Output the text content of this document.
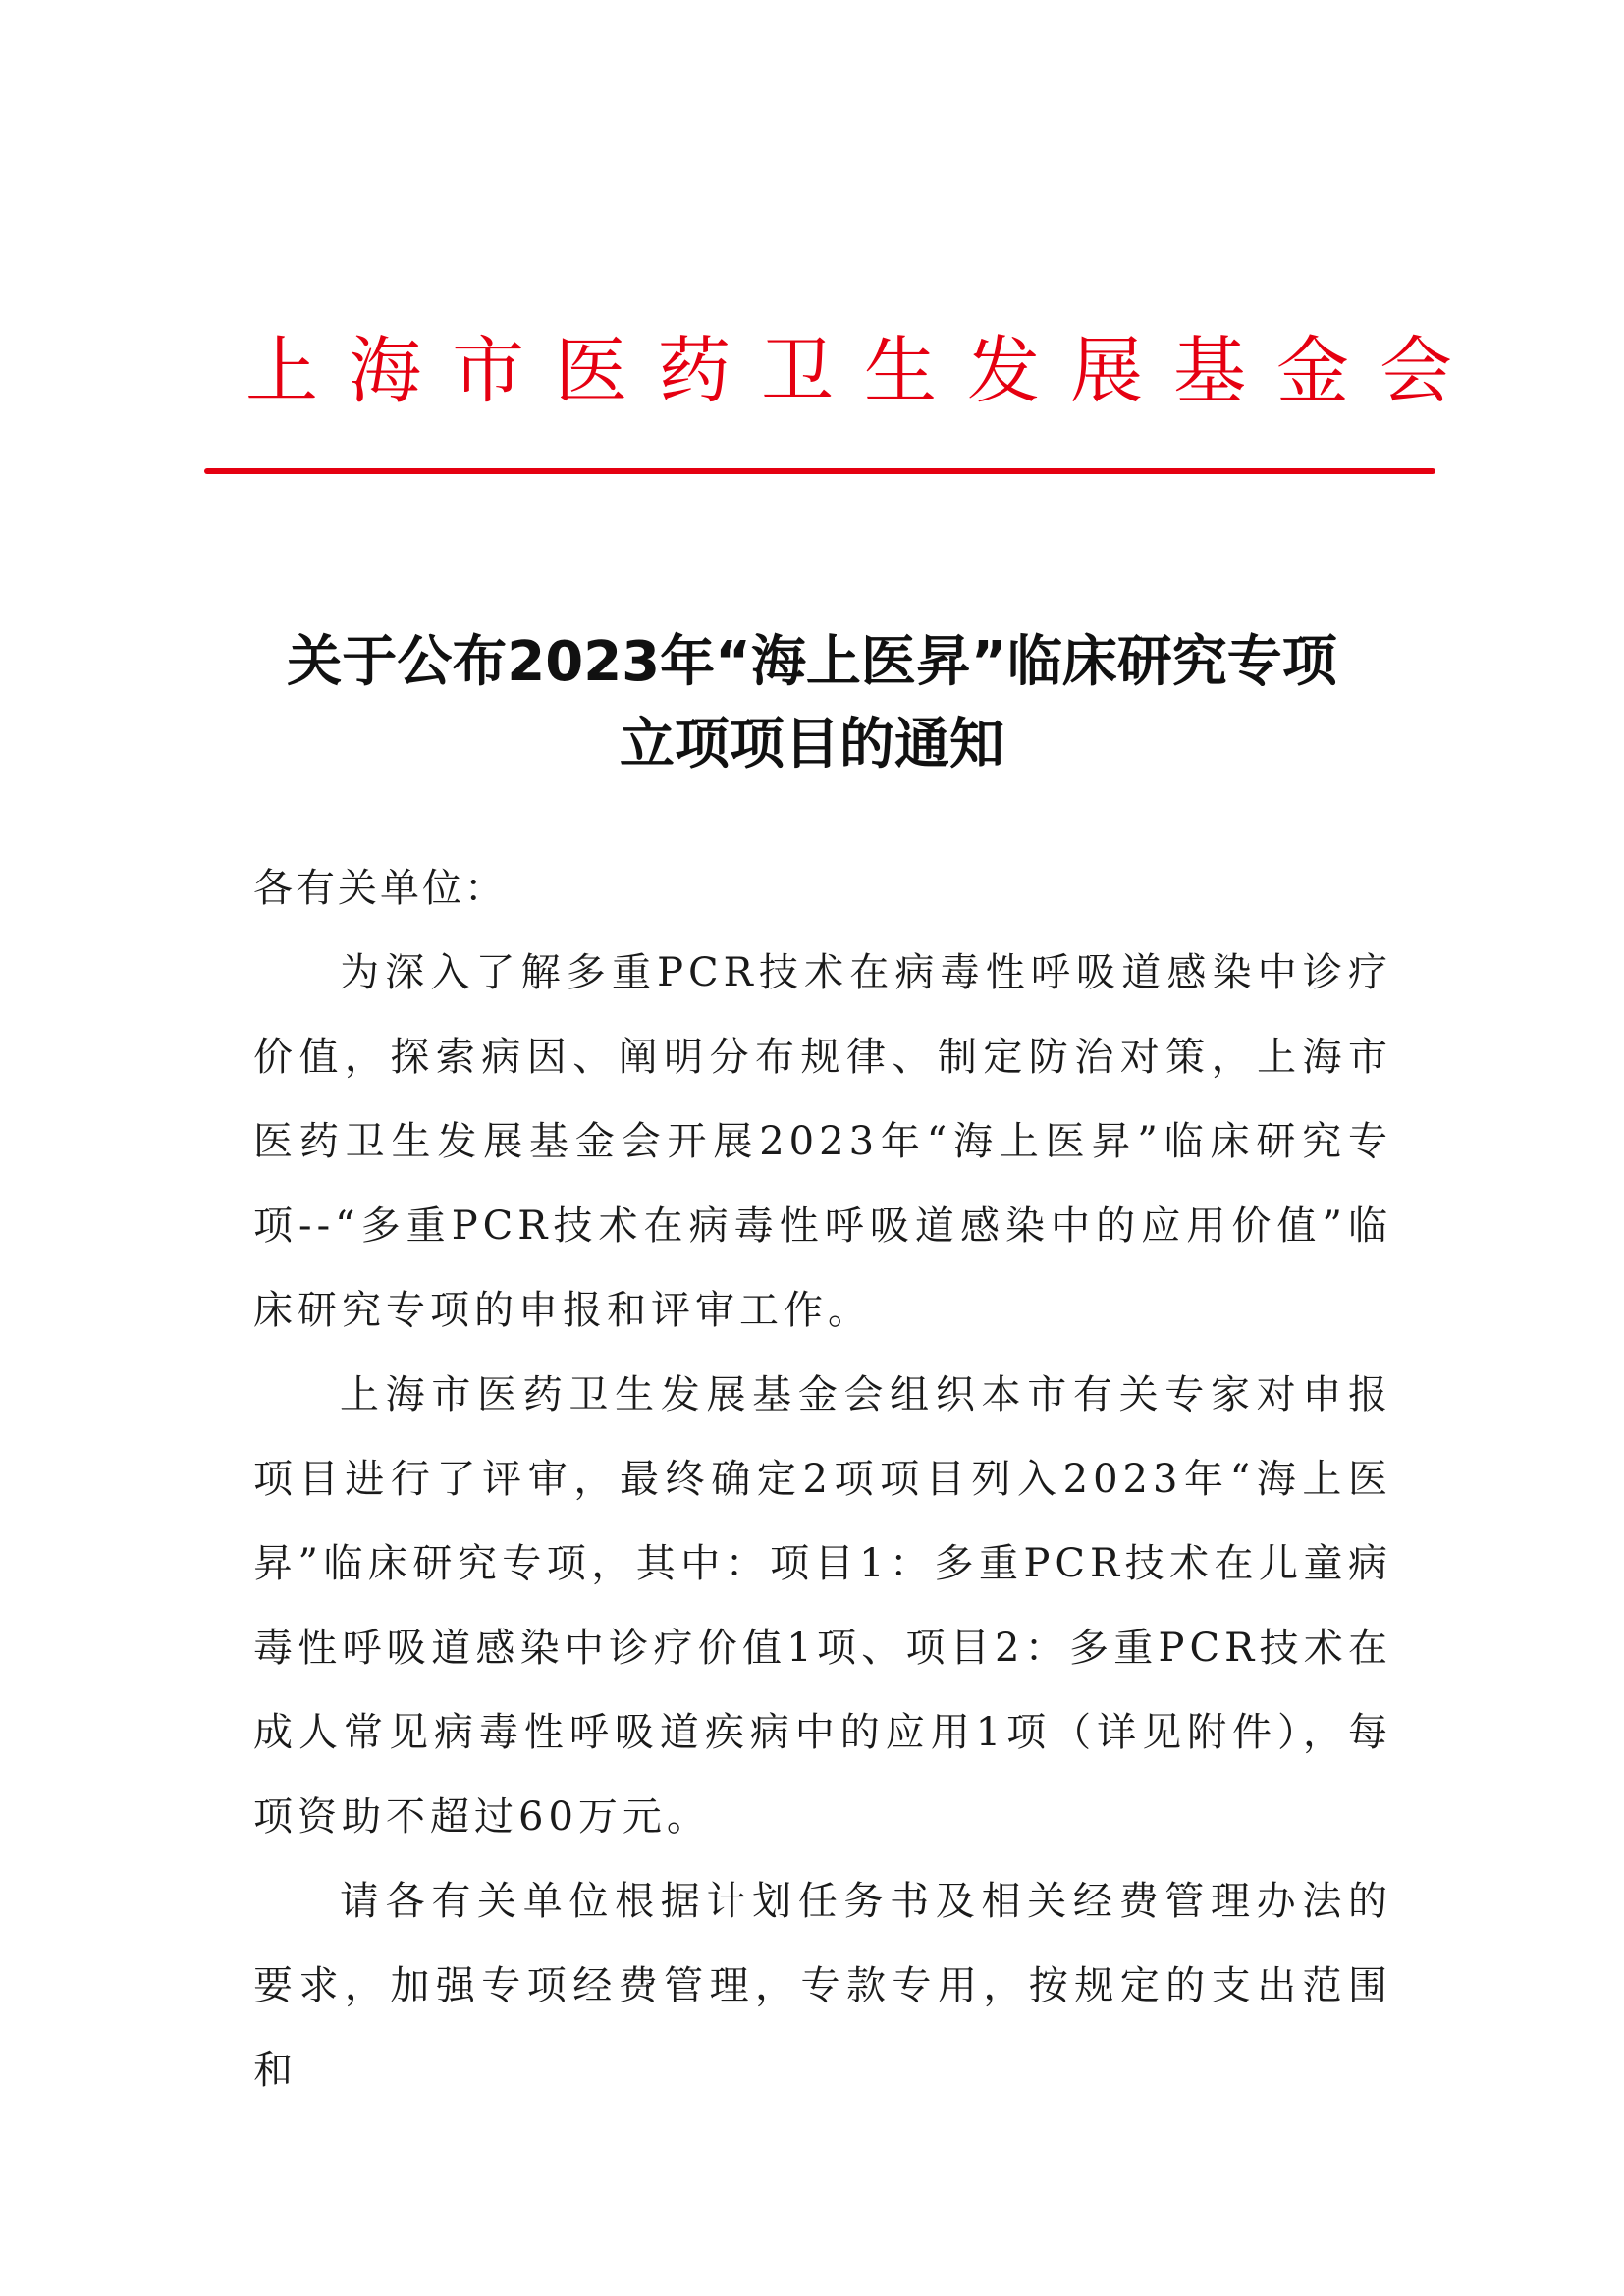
上海市医药卫生发展基金会
关于公布2023年“海上医昇”临床研究专项
立项项目的通知

各有关单位：

为深入了解多重PCR技术在病毒性呼吸道感染中诊疗价值，探索病因、阐明分布规律、制定防治对策，上海市医药卫生发展基金会开展2023年“海上医昇”临床研究专项--“多重PCR技术在病毒性呼吸道感染中的应用价值”临床研究专项的申报和评审工作。

上海市医药卫生发展基金会组织本市有关专家对申报项目进行了评审，最终确定2项项目列入2023年“海上医昇”临床研究专项，其中：项目1：多重PCR技术在儿童病毒性呼吸道感染中诊疗价值1项、项目2：多重PCR技术在成人常见病毒性呼吸道疾病中的应用1项（详见附件），每项资助不超过60万元。

请各有关单位根据计划任务书及相关经费管理办法的要求，加强专项经费管理，专款专用，按规定的支出范围和
